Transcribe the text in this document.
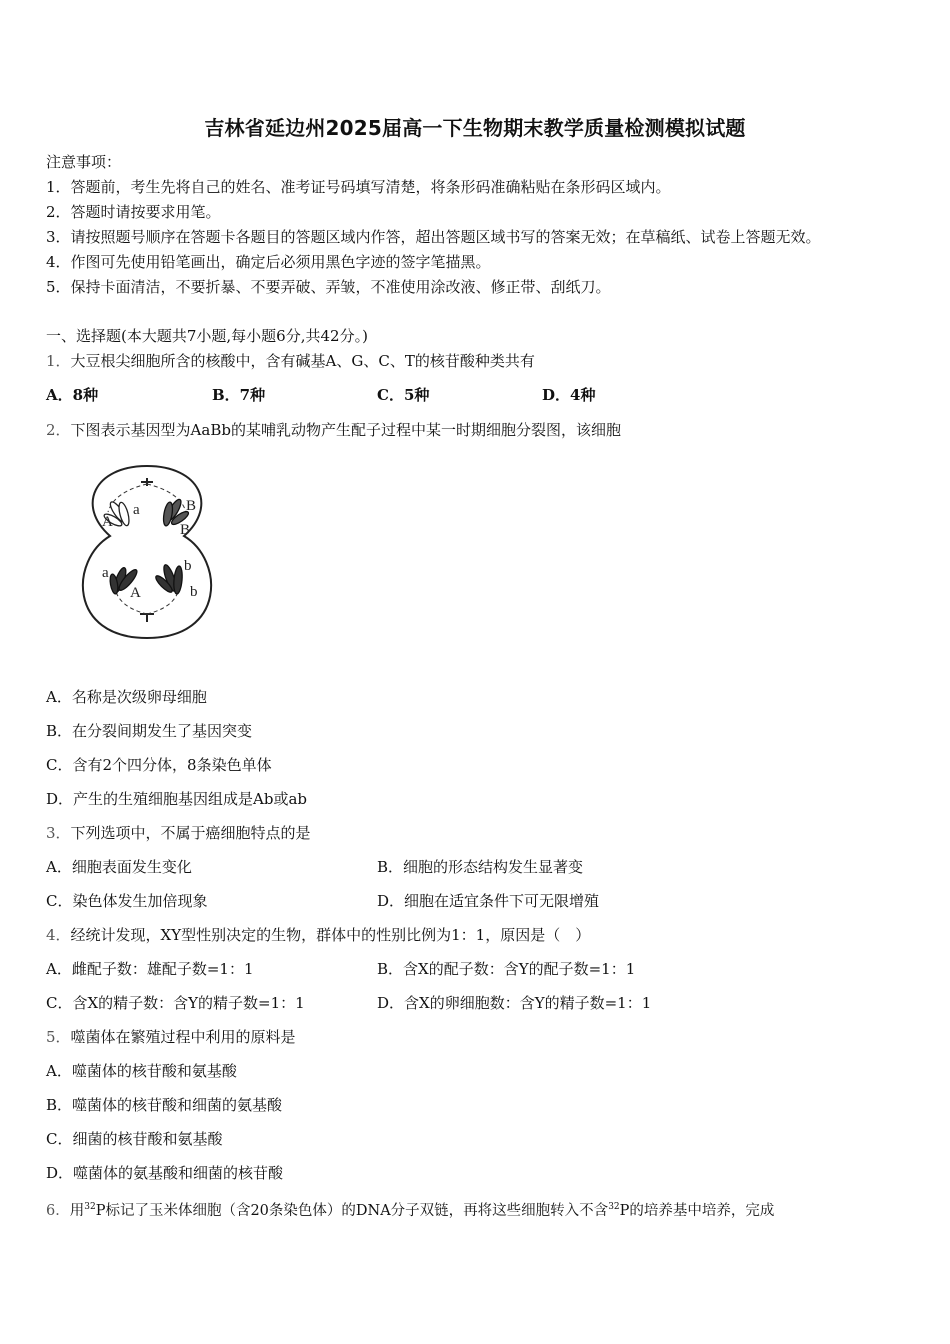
吉林省延边州2025届高一下生物期末教学质量检测模拟试题
注意事项：
1．答题前，考生先将自己的姓名、准考证号码填写清楚，将条形码准确粘贴在条形码区域内。
2．答题时请按要求用笔。
3．请按照题号顺序在答题卡各题目的答题区域内作答，超出答题区域书写的答案无效；在草稿纸、试卷上答题无效。
4．作图可先使用铅笔画出，确定后必须用黑色字迹的签字笔描黑。
5．保持卡面清洁，不要折暴、不要弄破、弄皱，不准使用涂改液、修正带、刮纸刀。
一、选择题(本大题共7小题,每小题6分,共42分。)
1．大豆根尖细胞所含的核酸中，含有碱基A、G、C、T的核苷酸种类共有
A．8种	B．7种	C．5种	D．4种
2．下图表示基因型为AaBb的某哺乳动物产生配子过程中某一时期细胞分裂图，该细胞
a
A
B
B
a
A
b
b
A．名称是次级卵母细胞
B．在分裂间期发生了基因突变
C．含有2个四分体，8条染色单体
D．产生的生殖细胞基因组成是Ab或ab
3．下列选项中，不属于癌细胞特点的是
A．细胞表面发生变化	B．细胞的形态结构发生显著变
C．染色体发生加倍现象	D．细胞在适宜条件下可无限增殖
4．经统计发现，XY型性别决定的生物，群体中的性别比例为1：1，原因是（　）
A．雌配子数：雄配子数=1：1	B．含X的配子数：含Y的配子数=1：1
C．含X的精子数：含Y的精子数=1：1	D．含X的卵细胞数：含Y的精子数=1：1
5．噬菌体在繁殖过程中利用的原料是
A．噬菌体的核苷酸和氨基酸
B．噬菌体的核苷酸和细菌的氨基酸
C．细菌的核苷酸和氨基酸
D．噬菌体的氨基酸和细菌的核苷酸
6．用$^{32}$P标记了玉米体细胞（含20条染色体）的DNA分子双链，再将这些细胞转入不含$^{32}$P的培养基中培养，完成
